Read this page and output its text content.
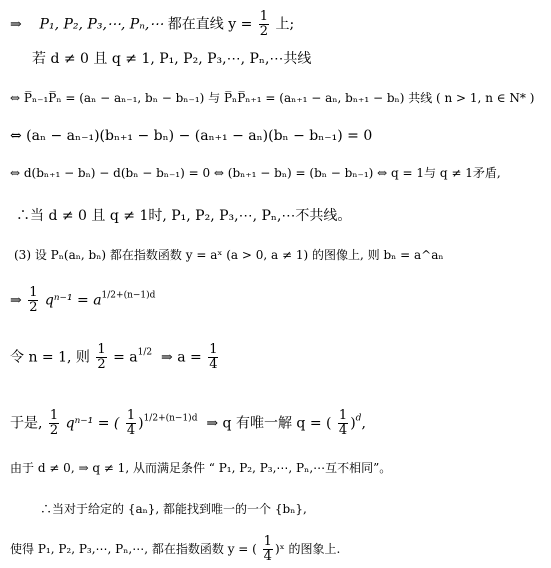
⇒ P₁, P₂, P₃,⋯, Pₙ,⋯ 都在直线 $y = \frac{1}{2}$ 上;
若 d ≠ 0 且 q ≠ 1, P₁, P₂, P₃,⋯, Pₙ,⋯共线
⇔ P̅ₙ₋₁P̅ₙ = (aₙ − aₙ₋₁, bₙ − bₙ₋₁) 与 P̅ₙP̅ₙ₊₁ = (aₙ₊₁ − aₙ, bₙ₊₁ − bₙ) 共线 ( n > 1, n ∈ N* )
⇔ (aₙ − aₙ₋₁)(bₙ₊₁ − bₙ) − (aₙ₊₁ − aₙ)(bₙ − bₙ₋₁) = 0
⇔ d(bₙ₊₁ − bₙ) − d(bₙ − bₙ₋₁) = 0 ⇔ (bₙ₊₁ − bₙ) = (bₙ − bₙ₋₁) ⇔ q = 1与 q ≠ 1矛盾,
∴当 d ≠ 0 且 q ≠ 1时, P₁, P₂, P₃,⋯, Pₙ,⋯不共线。
(3) 设 Pₙ(aₙ, bₙ) 都在指数函数 y = aˣ (a > 0, a ≠ 1) 的图像上, 则 bₙ = a^aₙ
⇒ $\frac{1}{2} q^{n-1} = a^{1/2+(n-1)d}$
令 n = 1, 则 $\frac{1}{2} = a^{1/2}$ ⇒ $a = \frac{1}{4}$
于是, $\frac{1}{2} q^{n-1}$ = ( $\frac{1}{4} )^{1/2+(n-1)d}$ ⇒ q 有唯一解 q = ( $\frac{1}{4} )^d$,
由于 d ≠ 0, ⇒ q ≠ 1, 从而满足条件 “ P₁, P₂, P₃,⋯, Pₙ,⋯互不相同”。
∴当对于给定的 {aₙ}, 都能找到唯一的一个 {bₙ},
使得 P₁, P₂, P₃,⋯, Pₙ,⋯, 都在指数函数 y = ( $\frac{1}{4}$ )ˣ 的图象上.
